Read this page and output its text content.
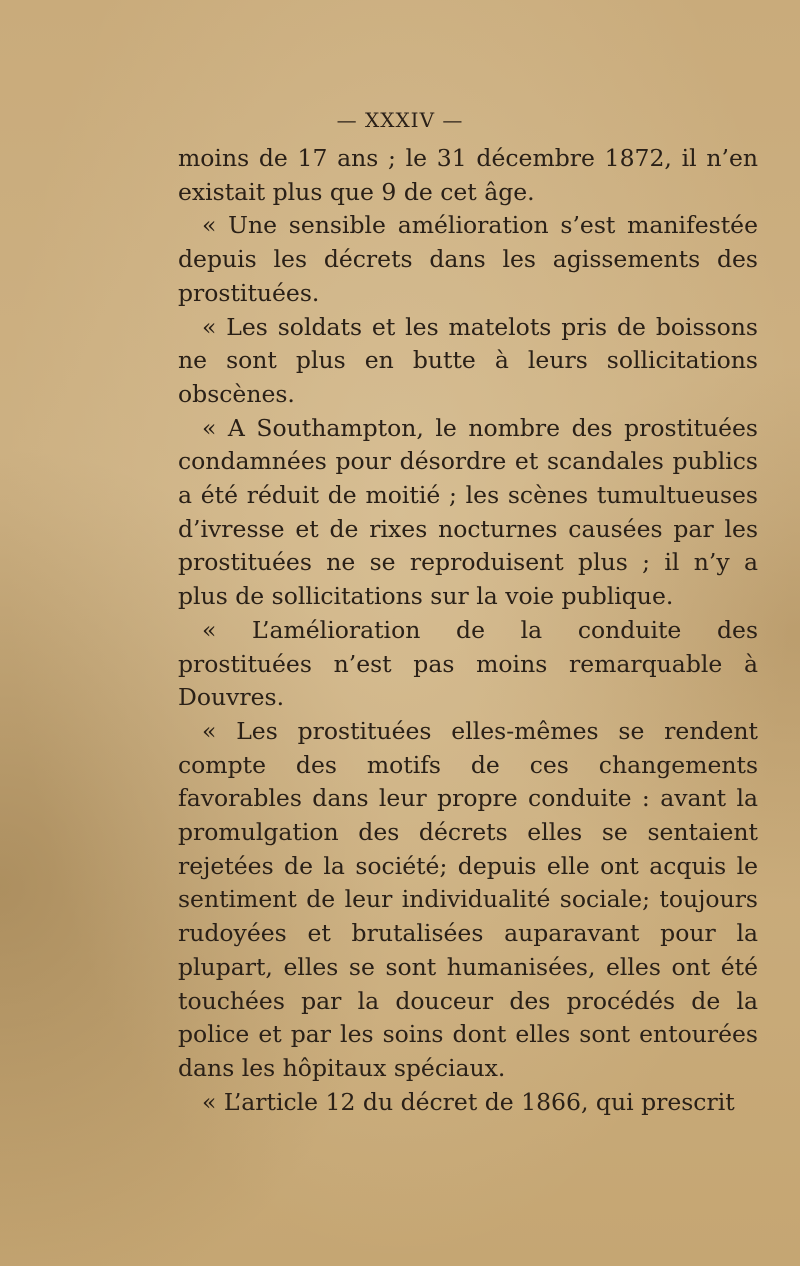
— XXXIV —

moins de 17 ans ; le 31 décembre 1872, il n’en existait plus que 9 de cet âge.

« Une sensible amélioration s’est manifestée depuis les décrets dans les agissements des prostituées.

« Les soldats et les matelots pris de boissons ne sont plus en butte à leurs sollicitations obscènes.

« A Southampton, le nombre des prostituées condamnées pour désordre et scandales publics a été réduit de moitié ; les scènes tumultueuses d’ivresse et de rixes nocturnes causées par les prostituées ne se reproduisent plus ; il n’y a plus de sollicitations sur la voie publique.

« L’amélioration de la conduite des prostituées n’est pas moins remarquable à Douvres.

« Les prostituées elles-mêmes se rendent compte des motifs de ces changements favorables dans leur propre conduite : avant la promulgation des décrets elles se sentaient rejetées de la société; depuis elle ont acquis le sentiment de leur individualité sociale; toujours rudoyées et brutalisées auparavant pour la plupart, elles se sont humanisées, elles ont été touchées par la douceur des procédés de la police et par les soins dont elles sont entourées dans les hôpitaux spéciaux.

« L’article 12 du décret de 1866, qui prescrit
